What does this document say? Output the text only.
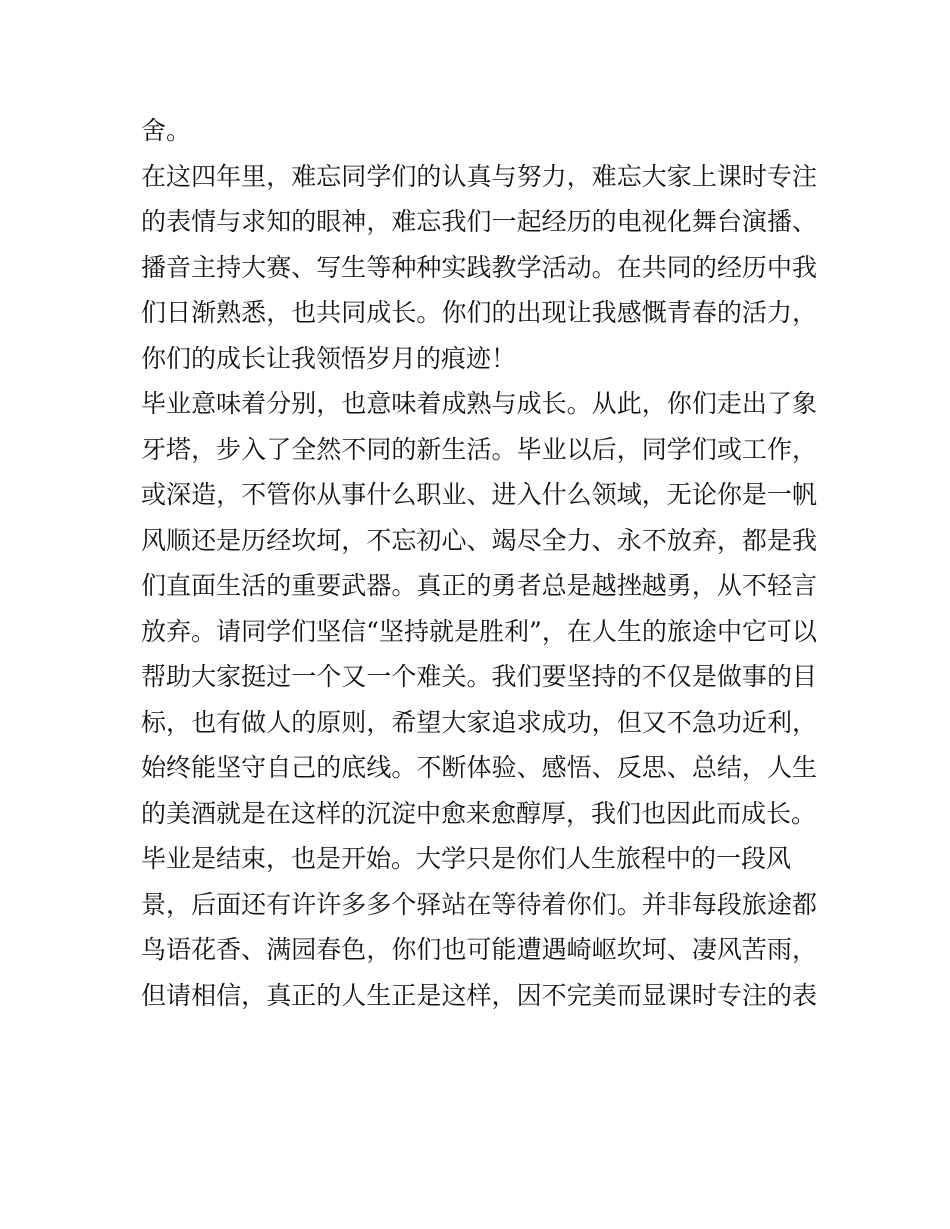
舍。
在这四年里，难忘同学们的认真与努力，难忘大家上课时专注
的表情与求知的眼神，难忘我们一起经历的电视化舞台演播、
播音主持大赛、写生等种种实践教学活动。在共同的经历中我
们日渐熟悉，也共同成长。你们的出现让我感慨青春的活力，
你们的成长让我领悟岁月的痕迹！
毕业意味着分别，也意味着成熟与成长。从此，你们走出了象
牙塔，步入了全然不同的新生活。毕业以后，同学们或工作，
或深造，不管你从事什么职业、进入什么领域，无论你是一帆
风顺还是历经坎坷，不忘初心、竭尽全力、永不放弃，都是我
们直面生活的重要武器。真正的勇者总是越挫越勇，从不轻言
放弃。请同学们坚信“坚持就是胜利”，在人生的旅途中它可以
帮助大家挺过一个又一个难关。我们要坚持的不仅是做事的目
标，也有做人的原则，希望大家追求成功，但又不急功近利，
始终能坚守自己的底线。不断体验、感悟、反思、总结，人生
的美酒就是在这样的沉淀中愈来愈醇厚，我们也因此而成长。
毕业是结束，也是开始。大学只是你们人生旅程中的一段风
景，后面还有许许多多个驿站在等待着你们。并非每段旅途都
鸟语花香、满园春色，你们也可能遭遇崎岖坎坷、凄风苦雨，
但请相信，真正的人生正是这样，因不完美而显课时专注的表
